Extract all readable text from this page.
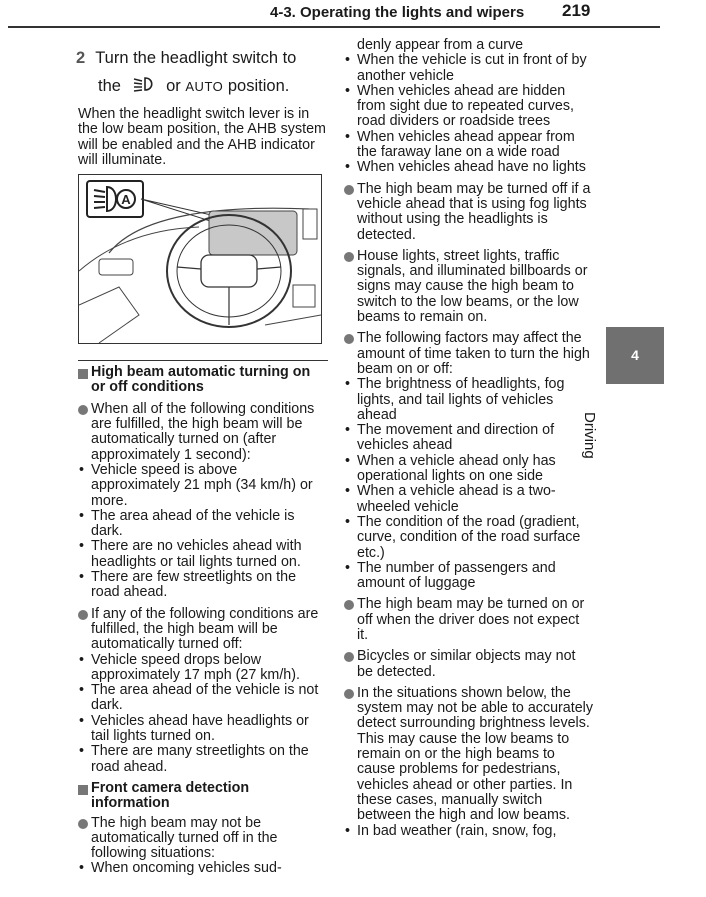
4-3. Operating the lights and wipers 219
4
Driving
2 Turn the headlight switch to
the	or AUTO position.

When the headlight switch lever is in the low beam position, the AHB system will be enabled and the AHB indicator will illuminate.

A
High beam automatic turning on or off conditions

When all of the following conditions are fulfilled, the high beam will be automatically turned on (after approximately 1 second):

• Vehicle speed is above approximately 21 mph (34 km/h) or more.

• The area ahead of the vehicle is dark.

• There are no vehicles ahead with headlights or tail lights turned on.

• There are few streetlights on the road ahead.

If any of the following conditions are fulfilled, the high beam will be automatically turned off:

• Vehicle speed drops below approximately 17 mph (27 km/h).

• The area ahead of the vehicle is not dark.

• Vehicles ahead have headlights or tail lights turned on.

• There are many streetlights on the road ahead.

Front camera detection information

The high beam may not be automatically turned off in the following situations:

• When oncoming vehicles sud-

denly appear from a curve

• When the vehicle is cut in front of by another vehicle

• When vehicles ahead are hidden from sight due to repeated curves, road dividers or roadside trees

• When vehicles ahead appear from the faraway lane on a wide road

• When vehicles ahead have no lights

The high beam may be turned off if a vehicle ahead that is using fog lights without using the headlights is detected.

House lights, street lights, traffic signals, and illuminated billboards or signs may cause the high beam to switch to the low beams, or the low beams to remain on.

The following factors may affect the amount of time taken to turn the high beam on or off:

• The brightness of headlights, fog lights, and tail lights of vehicles ahead

• The movement and direction of vehicles ahead

• When a vehicle ahead only has operational lights on one side

• When a vehicle ahead is a two-wheeled vehicle

• The condition of the road (gradient, curve, condition of the road surface etc.)

• The number of passengers and amount of luggage

The high beam may be turned on or off when the driver does not expect it.

Bicycles or similar objects may not be detected.

In the situations shown below, the system may not be able to accurately detect surrounding brightness levels. This may cause the low beams to remain on or the high beams to cause problems for pedestrians, vehicles ahead or other parties. In these cases, manually switch between the high and low beams.

• In bad weather (rain, snow, fog,
